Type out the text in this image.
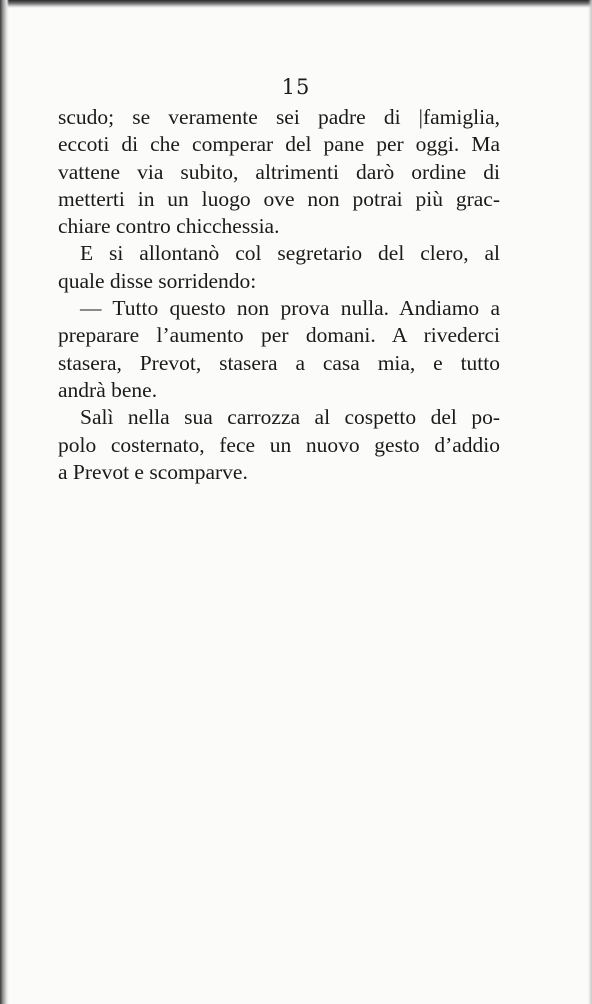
15
scudo; se veramente sei padre di |famiglia,
eccoti di che comperar del pane per oggi. Ma
vattene via subito, altrimenti darò ordine di
metterti in un luogo ove non potrai più grac-
chiare contro chicchessia.
E si allontanò col segretario del clero, al
quale disse sorridendo:
— Tutto questo non prova nulla. Andiamo a
preparare l’aumento per domani. A rivederci
stasera, Prevot, stasera a casa mia, e tutto
andrà bene.
Salì nella sua carrozza al cospetto del po-
polo costernato, fece un nuovo gesto d’addio
a Prevot e scomparve.
